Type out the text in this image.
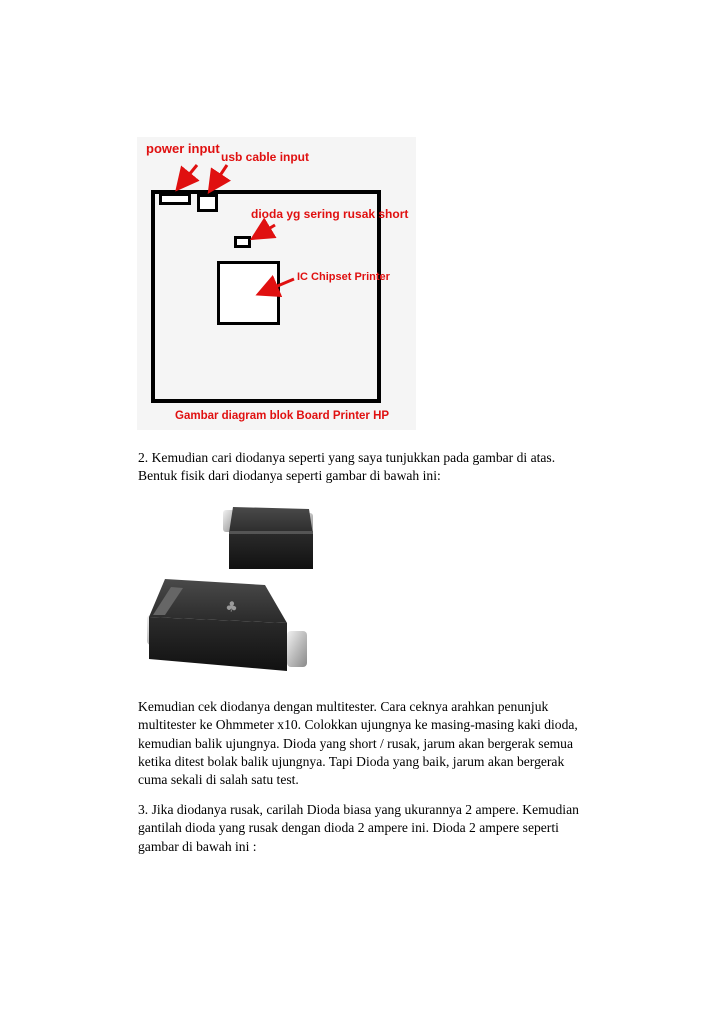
power input
usb cable input
dioda yg sering rusak short
IC Chipset Printer
Gambar diagram blok Board Printer HP

2. Kemudian cari diodanya seperti yang saya tunjukkan pada gambar di atas.
Bentuk fisik dari diodanya seperti gambar di bawah ini:

♣

Kemudian cek diodanya dengan multitester. Cara ceknya arahkan penunjuk
multitester ke Ohmmeter x10. Colokkan ujungnya ke masing-masing kaki dioda,
kemudian balik ujungnya. Dioda yang short / rusak, jarum akan bergerak semua
ketika ditest bolak balik ujungnya. Tapi Dioda yang baik, jarum akan bergerak
cuma sekali di salah satu test.

3. Jika diodanya rusak, carilah Dioda biasa yang ukurannya 2 ampere. Kemudian
gantilah dioda yang rusak dengan dioda 2 ampere ini. Dioda 2 ampere seperti
gambar di bawah ini :
